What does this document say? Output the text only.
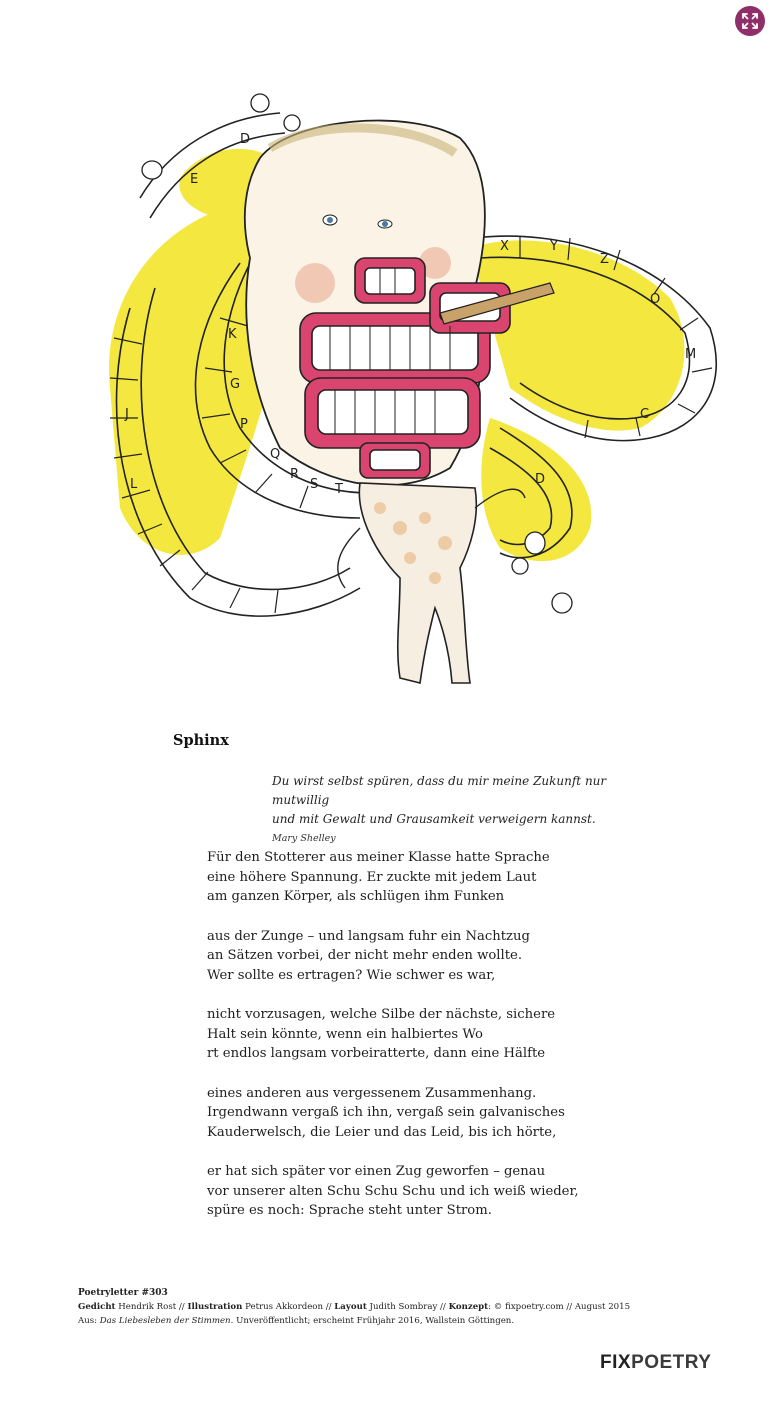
G
K
P
Q
R
S T
J
L
X	Y
Z
O
M
C
D
E
D
Sphinx
Du wirst selbst spüren, dass du mir meine Zukunft nur mutwillig
und mit Gewalt und Grausamkeit verweigern kannst.
Mary Shelley
Für den Stotterer aus meiner Klasse hatte Sprache
eine höhere Spannung. Er zuckte mit jedem Laut
am ganzen Körper, als schlügen ihm Funken
aus der Zunge – und langsam fuhr ein Nachtzug
an Sätzen vorbei, der nicht mehr enden wollte.
Wer sollte es ertragen? Wie schwer es war,
nicht vorzusagen, welche Silbe der nächste, sichere
Halt sein könnte, wenn ein halbiertes Wo
rt endlos langsam vorbeiratterte, dann eine Hälfte
eines anderen aus vergessenem Zusammenhang.
Irgendwann vergaß ich ihn, vergaß sein galvanisches
Kauderwelsch, die Leier und das Leid, bis ich hörte,
er hat sich später vor einen Zug geworfen – genau
vor unserer alten Schu Schu Schu und ich weiß wieder,
spüre es noch: Sprache steht unter Strom.
Poetryletter #303
Gedicht Hendrik Rost // Illustration Petrus Akkordeon // Layout Judith Sombray // Konzept: © fixpoetry.com // August 2015
Aus: Das Liebesleben der Stimmen. Unveröffentlicht; erscheint Frühjahr 2016, Wallstein Göttingen.
FIXPOETRY
